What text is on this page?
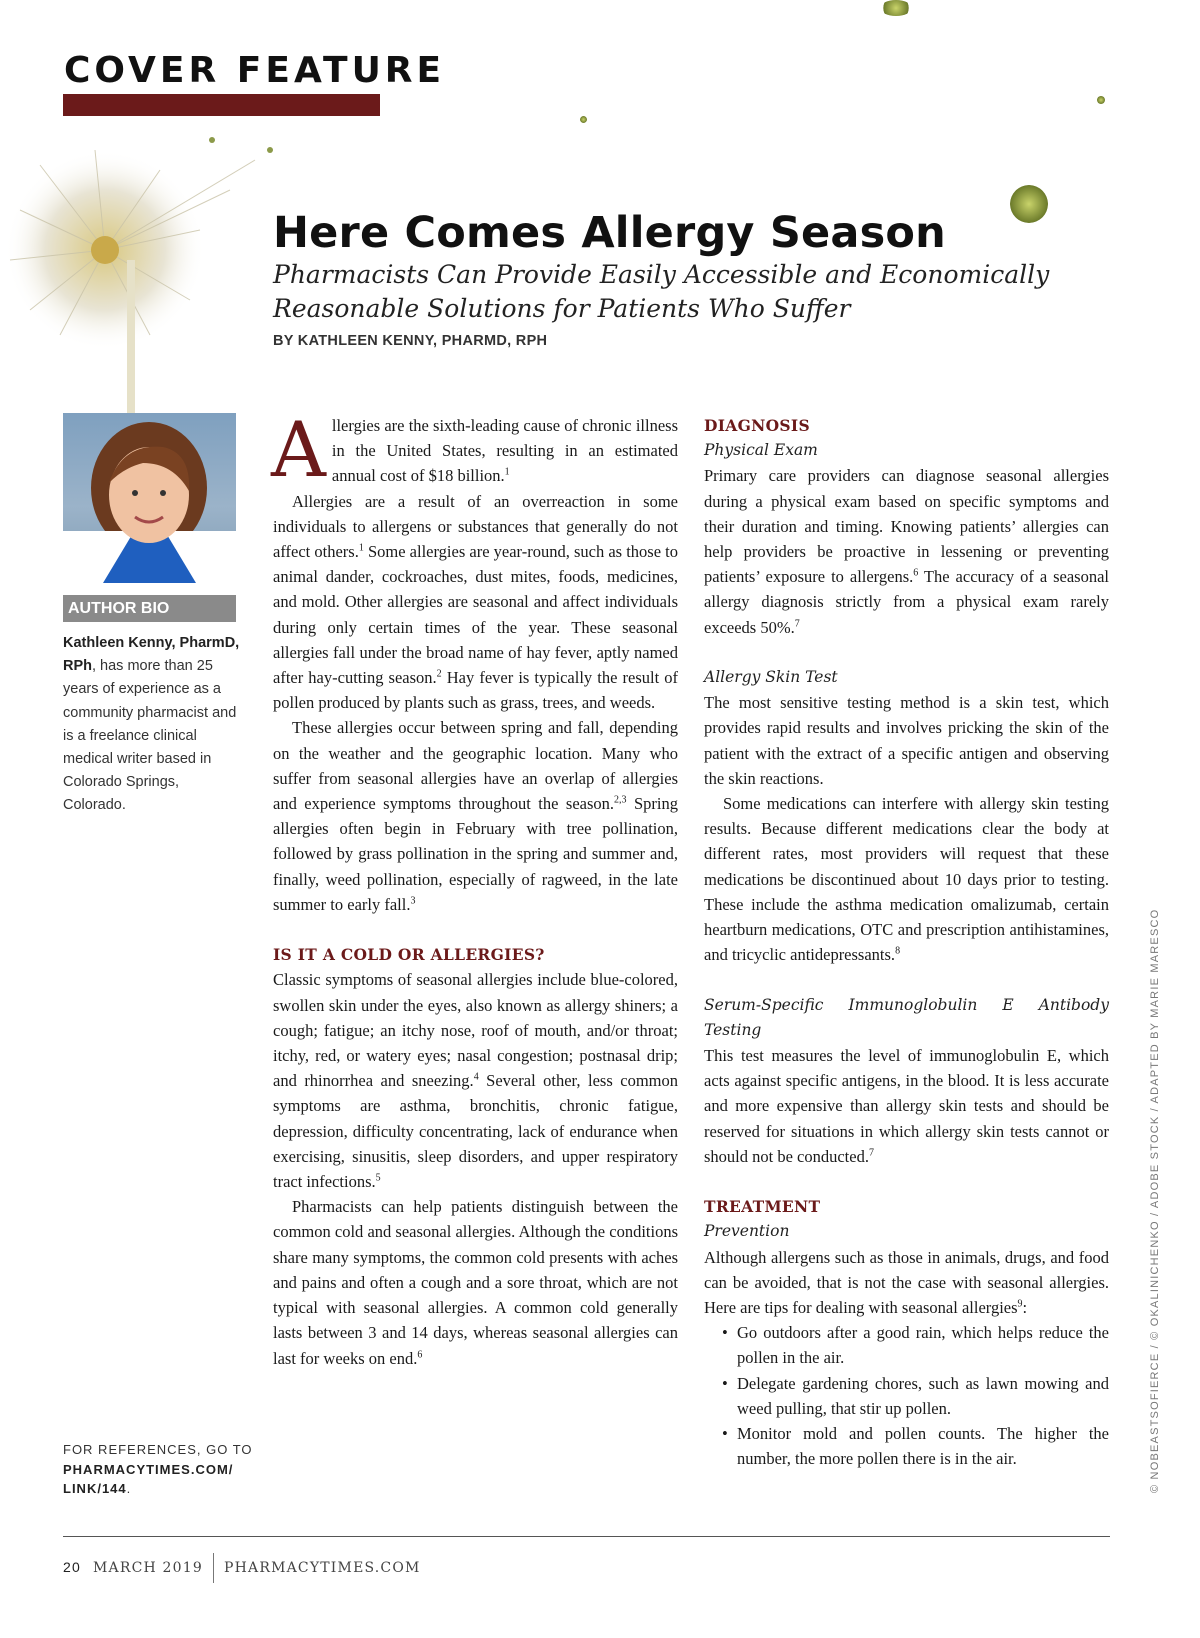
COVER FEATURE
Here Comes Allergy Season
Pharmacists Can Provide Easily Accessible and Economically Reasonable Solutions for Patients Who Suffer
BY KATHLEEN KENNY, PHARMD, RPH
AUTHOR BIO
Kathleen Kenny, PharmD, RPh, has more than 25 years of experience as a community pharmacist and is a freelance clinical medical writer based in Colorado Springs, Colorado.
FOR REFERENCES, GO TO PHARMACYTIMES.COM/ LINK/144.

Allergies are the sixth-leading cause of chronic illness in the United States, resulting in an estimated annual cost of $18 billion.$^1$

Allergies are a result of an overreaction in some individuals to allergens or substances that generally do not affect others.$^1$ Some allergies are year-round, such as those to animal dander, cockroaches, dust mites, foods, medicines, and mold. Other allergies are seasonal and affect individuals during only certain times of the year. These seasonal allergies fall under the broad name of hay fever, aptly named after hay-cutting season.$^2$ Hay fever is typically the result of pollen produced by plants such as grass, trees, and weeds.

These allergies occur between spring and fall, depending on the weather and the geographic location. Many who suffer from seasonal allergies have an overlap of allergies and experience symptoms throughout the season.$^{2,3}$ Spring allergies often begin in February with tree pollination, followed by grass pollination in the spring and summer and, finally, weed pollination, especially of ragweed, in the late summer to early fall.$^3$

IS IT A COLD OR ALLERGIES?

Classic symptoms of seasonal allergies include blue-colored, swollen skin under the eyes, also known as allergy shiners; a cough; fatigue; an itchy nose, roof of mouth, and/or throat; itchy, red, or watery eyes; nasal congestion; postnasal drip; and rhinorrhea and sneezing.$^4$ Several other, less common symptoms are asthma, bronchitis, chronic fatigue, depression, difficulty concentrating, lack of endurance when exercising, sinusitis, sleep disorders, and upper respiratory tract infections.$^5$

Pharmacists can help patients distinguish between the common cold and seasonal allergies. Although the conditions share many symptoms, the common cold presents with aches and pains and often a cough and a sore throat, which are not typical with seasonal allergies. A common cold generally lasts between 3 and 14 days, whereas seasonal allergies can last for weeks on end.$^6$

DIAGNOSIS

Physical Exam

Primary care providers can diagnose seasonal allergies during a physical exam based on specific symptoms and their duration and timing. Knowing patients’ allergies can help providers be proactive in lessening or preventing patients’ exposure to allergens.$^6$ The accuracy of a seasonal allergy diagnosis strictly from a physical exam rarely exceeds 50%.$^7$

Allergy Skin Test

The most sensitive testing method is a skin test, which provides rapid results and involves pricking the skin of the patient with the extract of a specific antigen and observing the skin reactions.

Some medications can interfere with allergy skin testing results. Because different medications clear the body at different rates, most providers will request that these medications be discontinued about 10 days prior to testing. These include the asthma medication omalizumab, certain heartburn medications, OTC and prescription antihistamines, and tricyclic antidepressants.$^8$

Serum-Specific Immunoglobulin E Antibody Testing

This test measures the level of immunoglobulin E, which acts against specific antigens, in the blood. It is less accurate and more expensive than allergy skin tests and should be reserved for situations in which allergy skin tests cannot or should not be conducted.$^7$

TREATMENT

Prevention

Although allergens such as those in animals, drugs, and food can be avoided, that is not the case with seasonal allergies. Here are tips for dealing with seasonal allergies$^9$:

• Go outdoors after a good rain, which helps reduce the pollen in the air.
• Delegate gardening chores, such as lawn mowing and weed pulling, that stir up pollen.
• Monitor mold and pollen counts. The higher the number, the more pollen there is in the air.
20 MARCH 2019 PHARMACYTIMES.COM
© NOBEASTSOFIERCE / © OKALINICHENKO / ADOBE STOCK / ADAPTED BY MARIE MARESCO
